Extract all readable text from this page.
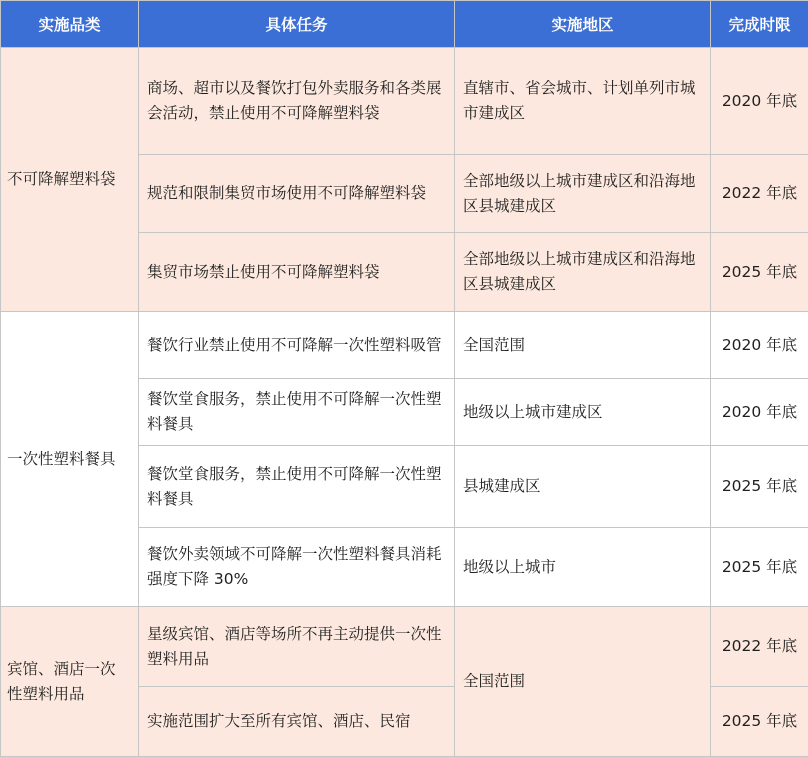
实施品类	具体任务	实施地区	完成时限
不可降解塑料袋	商场、超市以及餐饮打包外卖服务和各类展会活动，禁止使用不可降解塑料袋	直辖市、省会城市、计划单列市城市建成区	2020 年底
	规范和限制集贸市场使用不可降解塑料袋	全部地级以上城市建成区和沿海地区县城建成区	2022 年底
	集贸市场禁止使用不可降解塑料袋	全部地级以上城市建成区和沿海地区县城建成区	2025 年底
一次性塑料餐具	餐饮行业禁止使用不可降解一次性塑料吸管	全国范围	2020 年底
	餐饮堂食服务，禁止使用不可降解一次性塑料餐具	地级以上城市建成区	2020 年底
	餐饮堂食服务，禁止使用不可降解一次性塑料餐具	县城建成区	2025 年底
	餐饮外卖领域不可降解一次性塑料餐具消耗强度下降 30%	地级以上城市	2025 年底
宾馆、酒店一次性塑料用品	星级宾馆、酒店等场所不再主动提供一次性塑料用品	全国范围	2022 年底
	实施范围扩大至所有宾馆、酒店、民宿		2025 年底
